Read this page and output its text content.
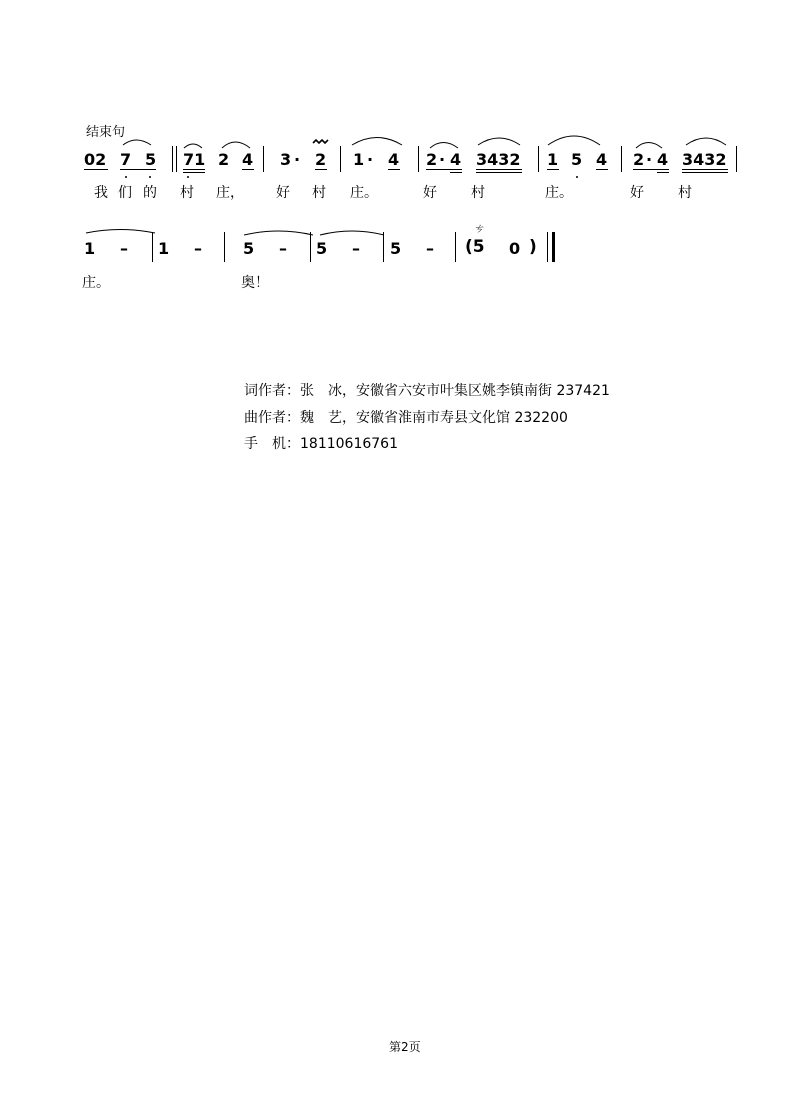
结束句
02 7 5 71 2 4 3 · 2 1 · 4 2 · 4 3432 1 5 4 2 · 4 3432
我 们 的 村 庄， 好 村 庄。	好 村	庄。	好 村
ㄘ
1 – 1 –	5 – 5 – 5 – (5 0 )
庄。	奥！
词作者：张　冰，安徽省六安市叶集区姚李镇南街 237421
曲作者：魏　艺，安徽省淮南市寿县文化馆 232200
手　机：18110616761
第2页
